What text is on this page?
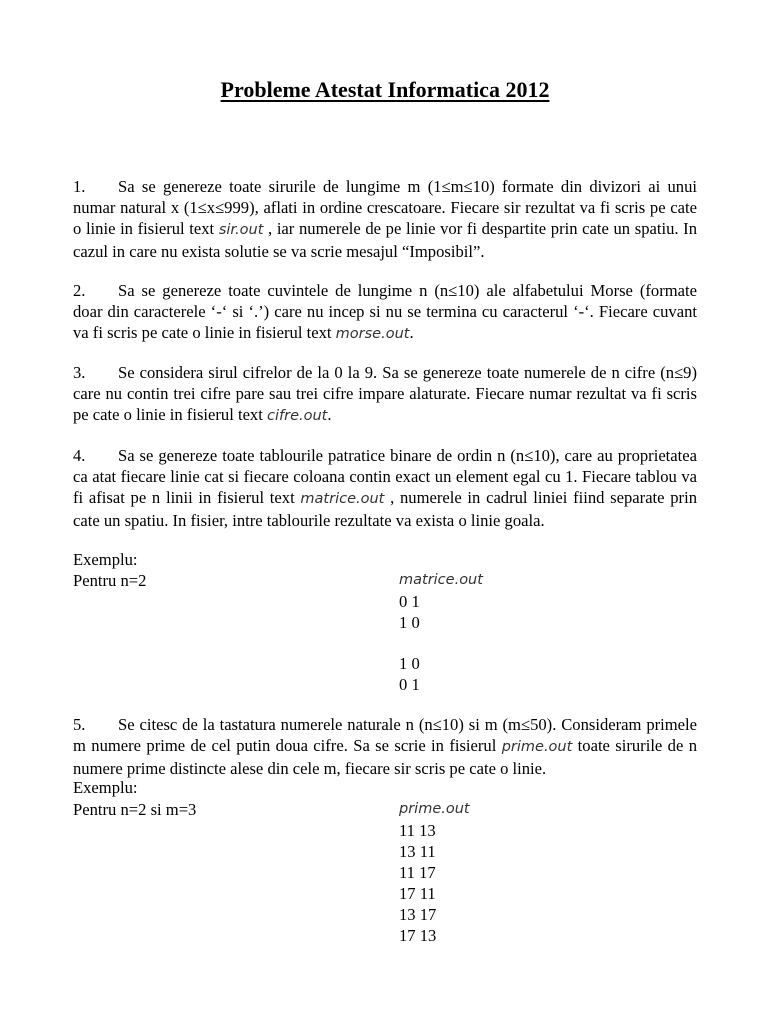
Probleme Atestat Informatica 2012
1. Sa se genereze toate sirurile de lungime m (1≤m≤10) formate din divizori ai unui numar natural x (1≤x≤999), aflati in ordine crescatoare. Fiecare sir rezultat va fi scris pe cate o linie in fisierul text sir.out , iar numerele de pe linie vor fi despartite prin cate un spatiu. In cazul in care nu exista solutie se va scrie mesajul “Imposibil”.
2. Sa se genereze toate cuvintele de lungime n (n≤10) ale alfabetului Morse (formate doar din caracterele ‘-‘ si ‘.’) care nu incep si nu se termina cu caracterul ‘-‘. Fiecare cuvant va fi scris pe cate o linie in fisierul text morse.out.
3. Se considera sirul cifrelor de la 0 la 9. Sa se genereze toate numerele de n cifre (n≤9) care nu contin trei cifre pare sau trei cifre impare alaturate. Fiecare numar rezultat va fi scris pe cate o linie in fisierul text cifre.out.
4. Sa se genereze toate tablourile patratice binare de ordin n (n≤10), care au proprietatea ca atat fiecare linie cat si fiecare coloana contin exact un element egal cu 1. Fiecare tablou va fi afisat pe n linii in fisierul text matrice.out , numerele in cadrul liniei fiind separate prin cate un spatiu. In fisier, intre tablourile rezultate va exista o linie goala.
Exemplu:
Pentru n=2	matrice.out
0 1
1 0
1 0
0 1
5. Se citesc de la tastatura numerele naturale n (n≤10) si m (m≤50). Consideram primele m numere prime de cel putin doua cifre. Sa se scrie in fisierul prime.out toate sirurile de n numere prime distincte alese din cele m, fiecare sir scris pe cate o linie.
Exemplu:
Pentru n=2 si m=3	prime.out
11 13
13 11
11 17
17 11
13 17
17 13
